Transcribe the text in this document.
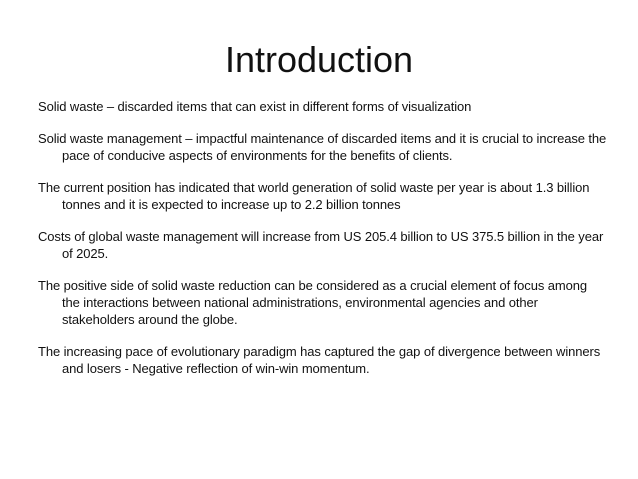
Introduction
Solid waste – discarded items that can exist in different forms of visualization
Solid waste management – impactful maintenance of discarded items and it is crucial to increase the pace of conducive aspects of environments for the benefits of clients.
The current position has indicated that world generation of solid waste per year is about 1.3 billion tonnes and it is expected to increase up to 2.2 billion tonnes
Costs of global waste management will increase from US 205.4 billion to US 375.5 billion in the year of 2025.
The positive side of solid waste reduction can be considered as a crucial element of focus among the interactions between national administrations, environmental agencies and other stakeholders around the globe.
The increasing pace of evolutionary paradigm has captured the gap of divergence between winners and losers - Negative reflection of win-win momentum.
